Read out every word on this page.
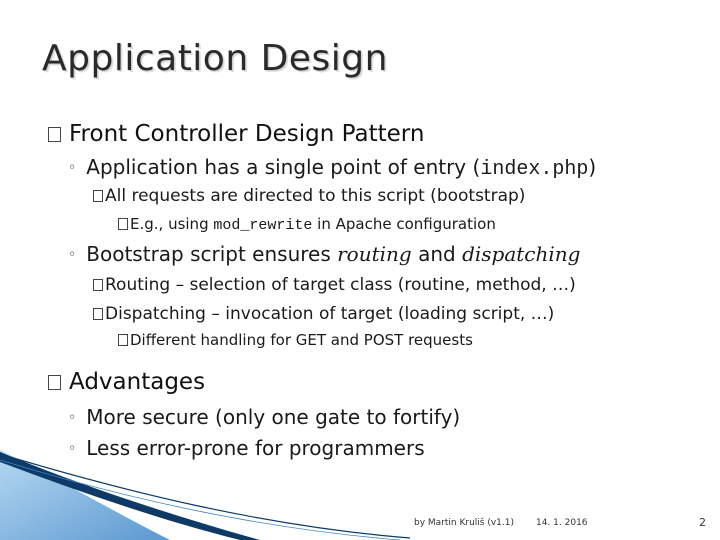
Application Design
Front Controller Design Pattern
◦ Application has a single point of entry (index.php)
All requests are directed to this script (bootstrap)
E.g., using mod_rewrite in Apache configuration
◦ Bootstrap script ensures routing and dispatching
Routing – selection of target class (routine, method, …)
Dispatching – invocation of target (loading script, …)
Different handling for GET and POST requests
Advantages
◦ More secure (only one gate to fortify)
◦ Less error-prone for programmers
by Martin Kruliš (v1.1) 14. 1. 2016	2
